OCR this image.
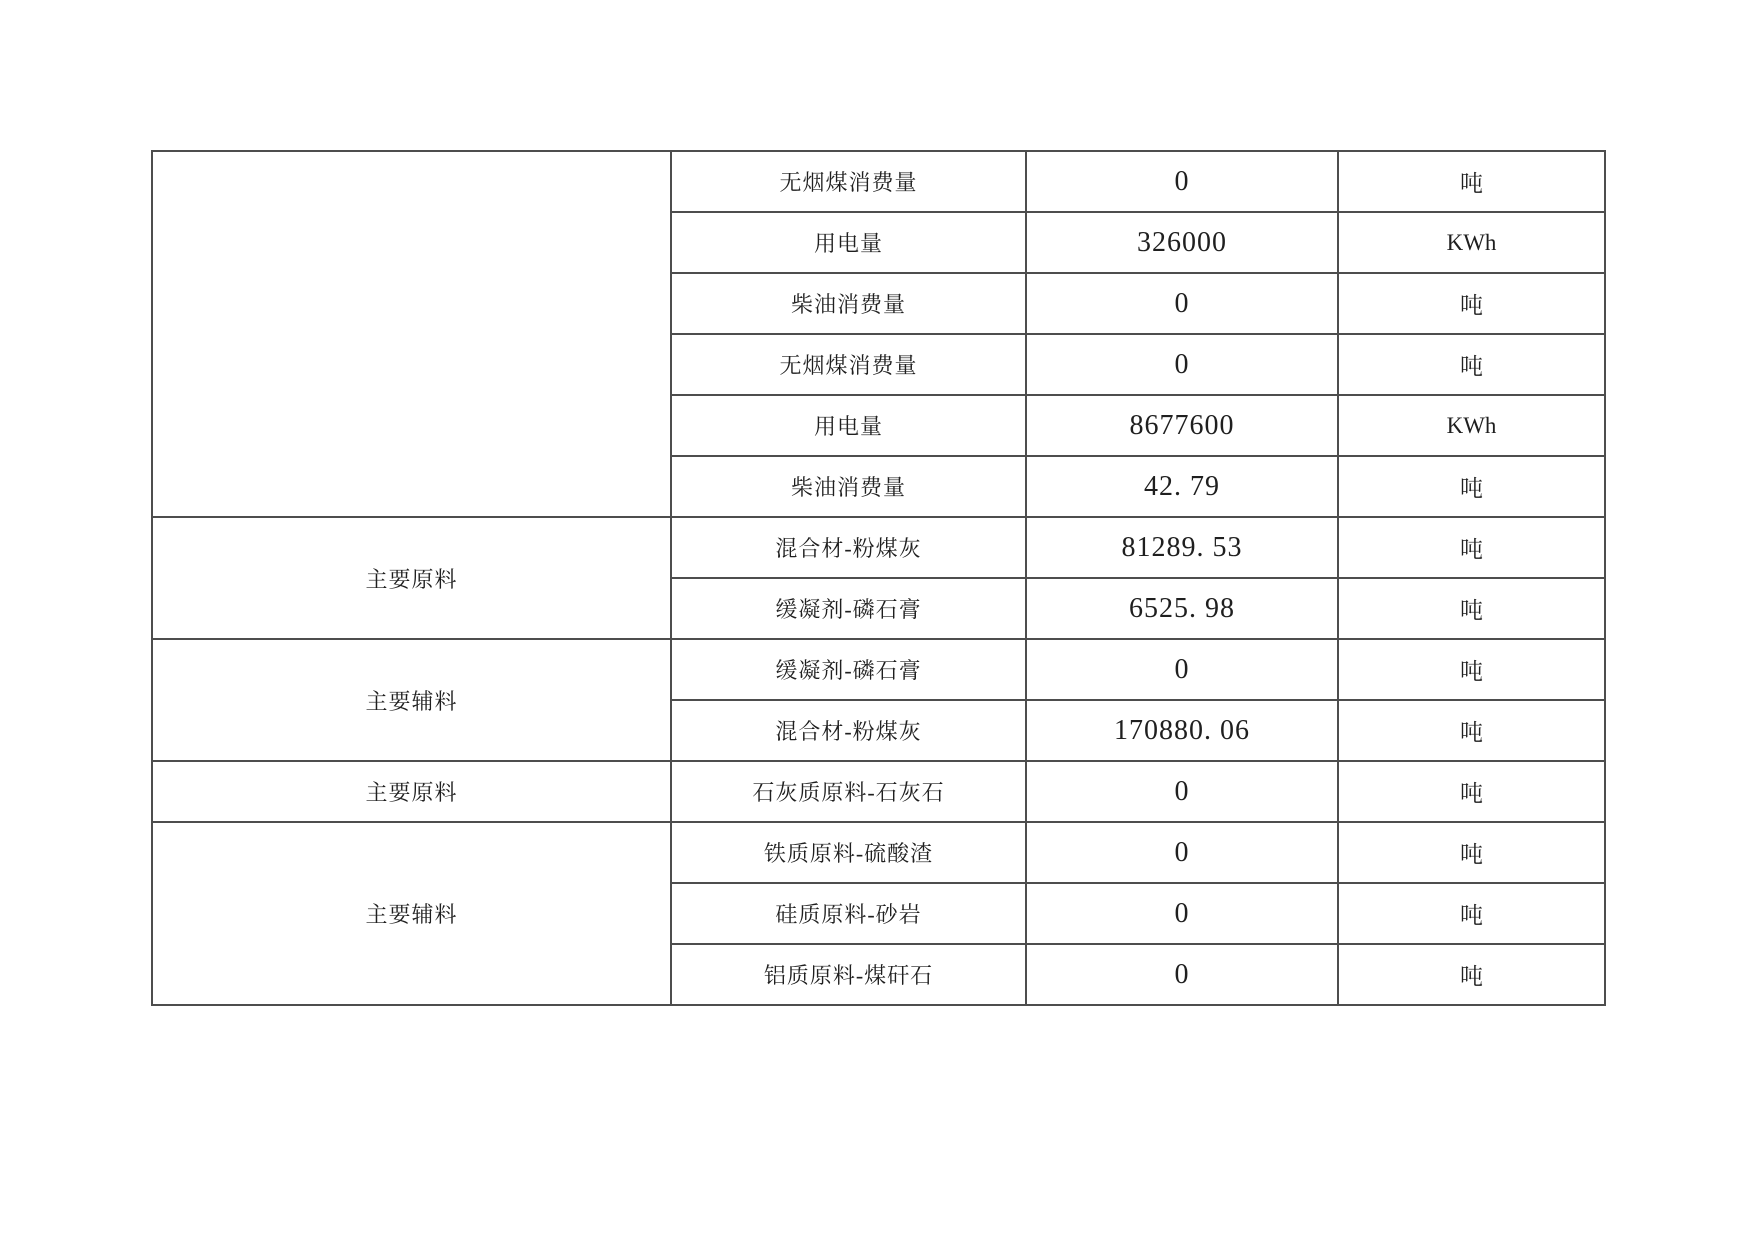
	无烟煤消费量	0	吨
	用电量	326000	KWh
	柴油消费量	0	吨
	无烟煤消费量	0	吨
	用电量	8677600	KWh
	柴油消费量	42. 79	吨
主要原料	混合材-粉煤灰	81289. 53	吨
	缓凝剂-磷石膏	6525. 98	吨
主要辅料	缓凝剂-磷石膏	0	吨
	混合材-粉煤灰	170880. 06	吨
主要原料	石灰质原料-石灰石	0	吨
主要辅料	铁质原料-硫酸渣	0	吨
	硅质原料-砂岩	0	吨
	铝质原料-煤矸石	0	吨
